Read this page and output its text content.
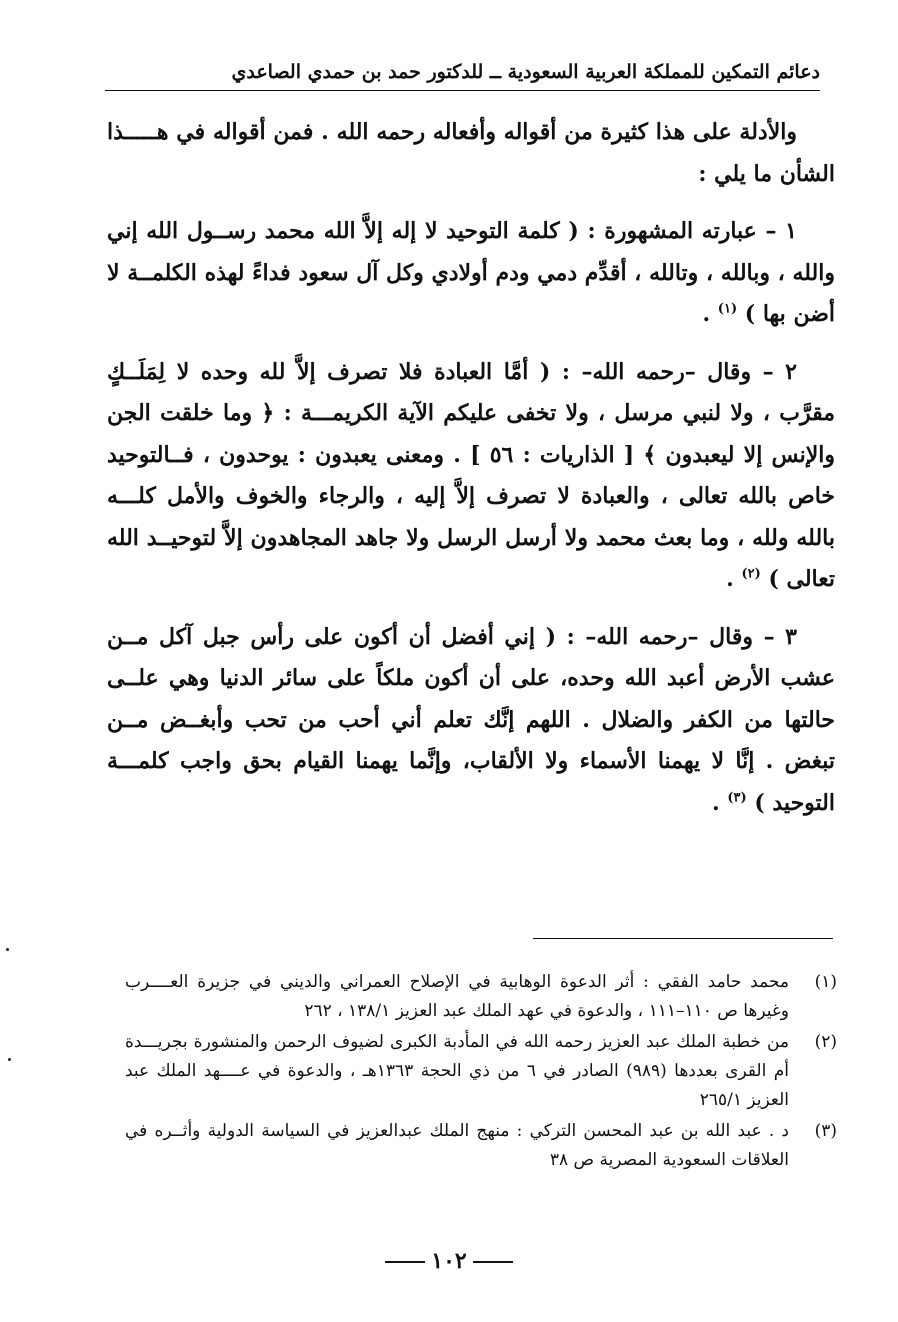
دعائم التمكين للمملكة العربية السعودية ــ للدكتور حمد بن حمدي الصاعدي

والأدلة على هذا كثيرة من أقواله وأفعاله رحمه الله . فمن أقواله في هـــــذا الشأن ما يلي :

١ – عبارته المشهورة : ( كلمة التوحيد لا إله إلاَّ الله محمد رســول الله إني والله ، وبالله ، وتالله ، أقدِّم دمي ودم أولادي وكل آل سعود فداءً لهذه الكلمــة لا أضن بها ) $^{(١)}$ .

٢ – وقال –رحمه الله– : ( أمَّا العبادة فلا تصرف إلاَّ لله وحده لا لِمَلَــكٍ مقرَّب ، ولا لنبي مرسل ، ولا تخفى عليكم الآية الكريمـــة : ﴿ وما خلقت الجن والإنس إلا ليعبدون ﴾ [ الذاريات : ٥٦ ] . ومعنى يعبدون : يوحدون ، فــالتوحيد خاص بالله تعالى ، والعبادة لا تصرف إلاَّ إليه ، والرجاء والخوف والأمل كلـــه بالله ولله ، وما بعث محمد ولا أرسل الرسل ولا جاهد المجاهدون إلاَّ لتوحيــد الله تعالى ) $^{(٢)}$ .

٣ – وقال –رحمه الله– : ( إني أفضل أن أكون على رأس جبل آكل مــن عشب الأرض أعبد الله وحده، على أن أكون ملكاً على سائر الدنيا وهي علــى حالتها من الكفر والضلال . اللهم إنَّك تعلم أني أحب من تحب وأبغــض مــن تبغض . إنَّا لا يهمنا الأسماء ولا الألقاب، وإنَّما يهمنا القيام بحق واجب كلمـــة التوحيد ) $^{(٣)}$ .

(١)
محمد حامد الفقي : أثر الدعوة الوهابية في الإصلاح العمراني والديني في جزيرة العــــرب وغيرها ص ١١٠–١١١ ، والدعوة في عهد الملك عبد العزيز ١٣٨/١ ، ٢٦٢

(٢)
من خطبة الملك عبد العزيز رحمه الله في المأدبة الكبرى لضيوف الرحمن والمنشورة بجريـــدة أم القرى بعددها (٩٨٩) الصادر في ٦ من ذي الحجة ١٣٦٣هـ ، والدعوة في عــــهد الملك عبد العزيز ٢٦٥/١

(٣)
د . عبد الله بن عبد المحسن التركي : منهج الملك عبدالعزيز في السياسة الدولية وأثــره في العلاقات السعودية المصرية ص ٣٨

١٠٢
